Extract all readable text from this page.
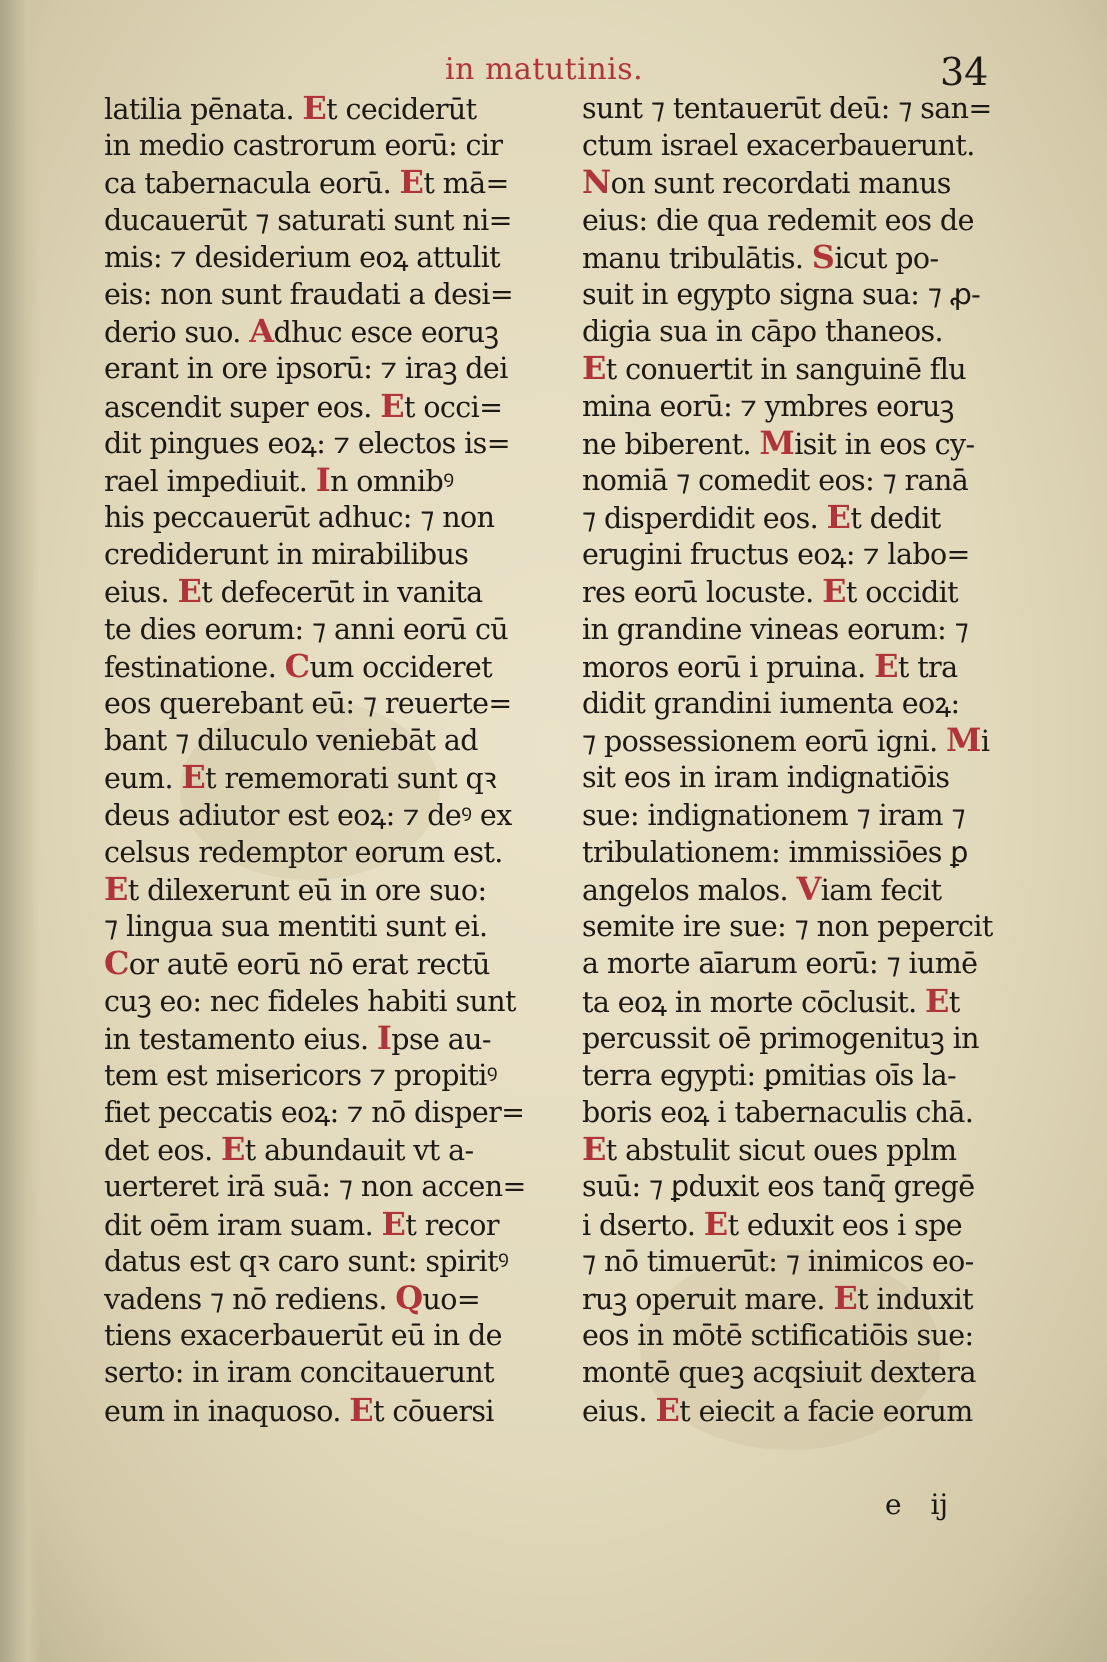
in matutinis.	34
latilia pēnata. Et ceciderūt
in medio castrorum eorū: cir
ca tabernacula eorū. Et mā=
ducauerūt ⁊ saturati sunt ni=
mis: ⁊ desiderium eoꝝ attulit
eis: non sunt fraudati a desi=
derio suo. Adhuc esce eoruꝫ
erant in ore ipsorū: ⁊ iraꝫ dei
ascendit super eos. Et occi=
dit pingues eoꝝ: ⁊ electos is=
rael impediuit. In omnibꝰ
his peccauerūt adhuc: ⁊ non
crediderunt in mirabilibus
eius. Et defecerūt in vanita
te dies eorum: ⁊ anni eorū cū
festinatione. Cum occideret
eos querebant eū: ⁊ reuerte=
bant ⁊ diluculo veniebāt ad
eum. Et rememorati sunt qꝛ
deus adiutor est eoꝝ: ⁊ deꝰ ex
celsus redemptor eorum est.
Et dilexerunt eū in ore suo:
⁊ lingua sua mentiti sunt ei.
Cor autē eorū nō erat rectū
cuꝫ eo: nec fideles habiti sunt
in testamento eius. Ipse au-
tem est misericors ⁊ propitiꝰ
fiet peccatis eoꝝ: ⁊ nō disper=
det eos. Et abundauit vt a-
uerteret irā suā: ⁊ non accen=
dit oēm iram suam. Et recor
datus est qꝛ caro sunt: spiritꝰ
vadens ⁊ nō rediens. Quo=
tiens exacerbauerūt eū in de
serto: in iram concitauerunt
eum in inaquoso. Et cōuersi
sunt ⁊ tentauerūt deū: ⁊ san=
ctum israel exacerbauerunt.
Non sunt recordati manus
eius: die qua redemit eos de
manu tribulātis. Sicut po-
suit in egypto signa sua: ⁊ ꝓ-
digia sua in cāpo thaneos.
Et conuertit in sanguinē flu
mina eorū: ⁊ ymbres eoruꝫ
ne biberent. Misit in eos cy-
nomiā ⁊ comedit eos: ⁊ ranā
⁊ disperdidit eos. Et dedit
erugini fructus eoꝝ: ⁊ labo=
res eorū locuste. Et occidit
in grandine vineas eorum: ⁊
moros eorū i pruina. Et tra
didit grandini iumenta eoꝝ:
⁊ possessionem eorū igni. Mi
sit eos in iram indignatiōis
sue: indignationem ⁊ iram ⁊
tribulationem: immissiōes ꝑ
angelos malos. Viam fecit
semite ire sue: ⁊ non pepercit
a morte aīarum eorū: ⁊ iumē
ta eoꝝ in morte cōclusit. Et
percussit oē primogenituꝫ in
terra egypti: ꝑmitias oīs la-
boris eoꝝ i tabernaculis chā.
Et abstulit sicut oues pplm
suū: ⁊ ꝑduxit eos tanq̄ gregē
i dserto. Et eduxit eos i spe
⁊ nō timuerūt: ⁊ inimicos eo-
ruꝫ operuit mare. Et induxit
eos in mōtē sctificatiōis sue:
montē queꝫ acqsiuit dextera
eius. Et eiecit a facie eorum
e ij
